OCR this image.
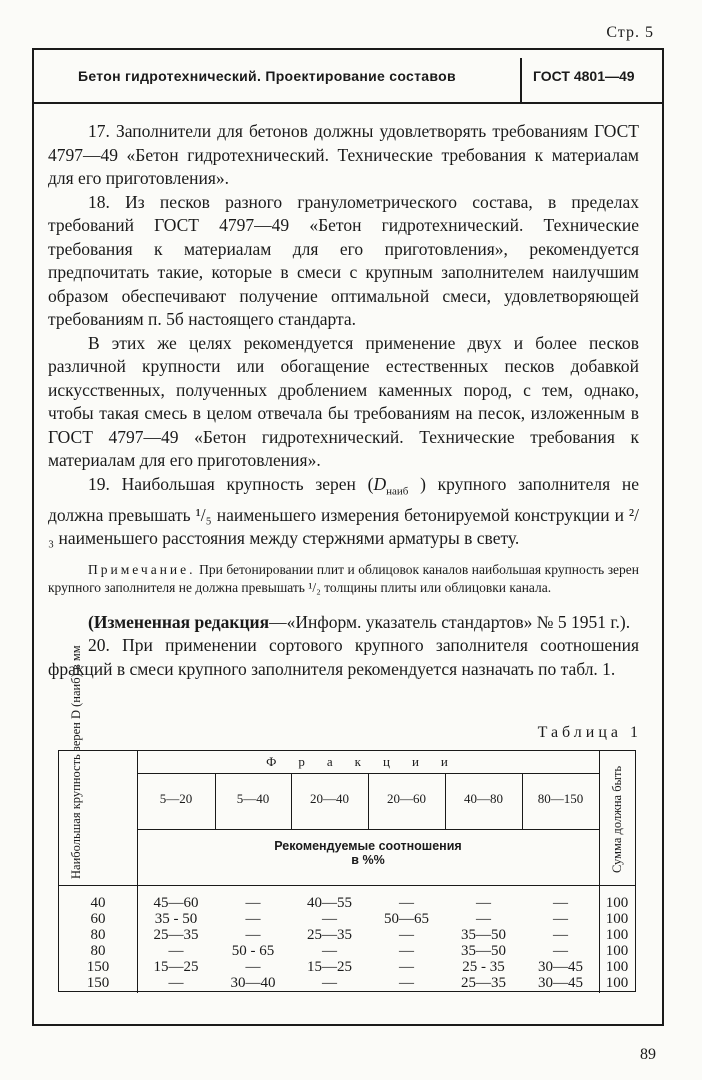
Стр. 5
Бетон гидротехнический. Проектирование составов	ГОСТ 4801—49

17. Заполнители для бетонов должны удовлетворять требованиям ГОСТ 4797—49 «Бетон гидротехнический. Технические требования к материалам для его приготовления».

18. Из песков разного гранулометрического состава, в пределах требований ГОСТ 4797—49 «Бетон гидротехнический. Технические требования к материалам для его приготовления», рекомендуется предпочитать такие, которые в смеси с крупным заполнителем наилучшим образом обеспечивают получение оптимальной смеси, удовлетворяющей требованиям п. 5б настоящего стандарта.

В этих же целях рекомендуется применение двух и более песков различной крупности или обогащение естественных песков добавкой искусственных, полученных дроблением каменных пород, с тем, однако, чтобы такая смесь в целом отвечала бы требованиям на песок, изложенным в ГОСТ 4797—49 «Бетон гидротехнический. Технические требования к материалам для его приготовления».

19. Наибольшая крупность зерен ($D_{наиб}$ ) крупного заполнителя не должна превышать ¹/₅ наименьшего измерения бетонируемой конструкции и ²/₃ наименьшего расстояния между стержнями арматуры в свету.

Примечание. При бетонировании плит и облицовок каналов наибольшая крупность зерен крупного заполнителя не должна превышать ¹/₂ толщины плиты или облицовки канала.

(Измененная редакция—«Информ. указатель стандартов» № 5 1951 г.).

20. При применении сортового крупного заполнителя соотношения фракций в смеси крупного заполнителя рекомендуется назначать по табл. 1.

Таблица 1
Наибольшая крупность зерен D (наиб) в мм	Фракции
5—20	5—40	20—40	20—60	40—80	80—150
Рекомендуемые соотношения
в %%	Сумма должна быть
40	45—60	—	40—55	—	—	—	100
60	35 - 50	—	—	50—65	—	—	100
80	25—35	—	25—35	—	35—50	—	100
80	—	50 - 65	—	—	35—50	—	100
150	15—25	—	15—25	—	25 - 35	30—45	100
150	—	30—40	—	—	25—35	30—45	100
89
